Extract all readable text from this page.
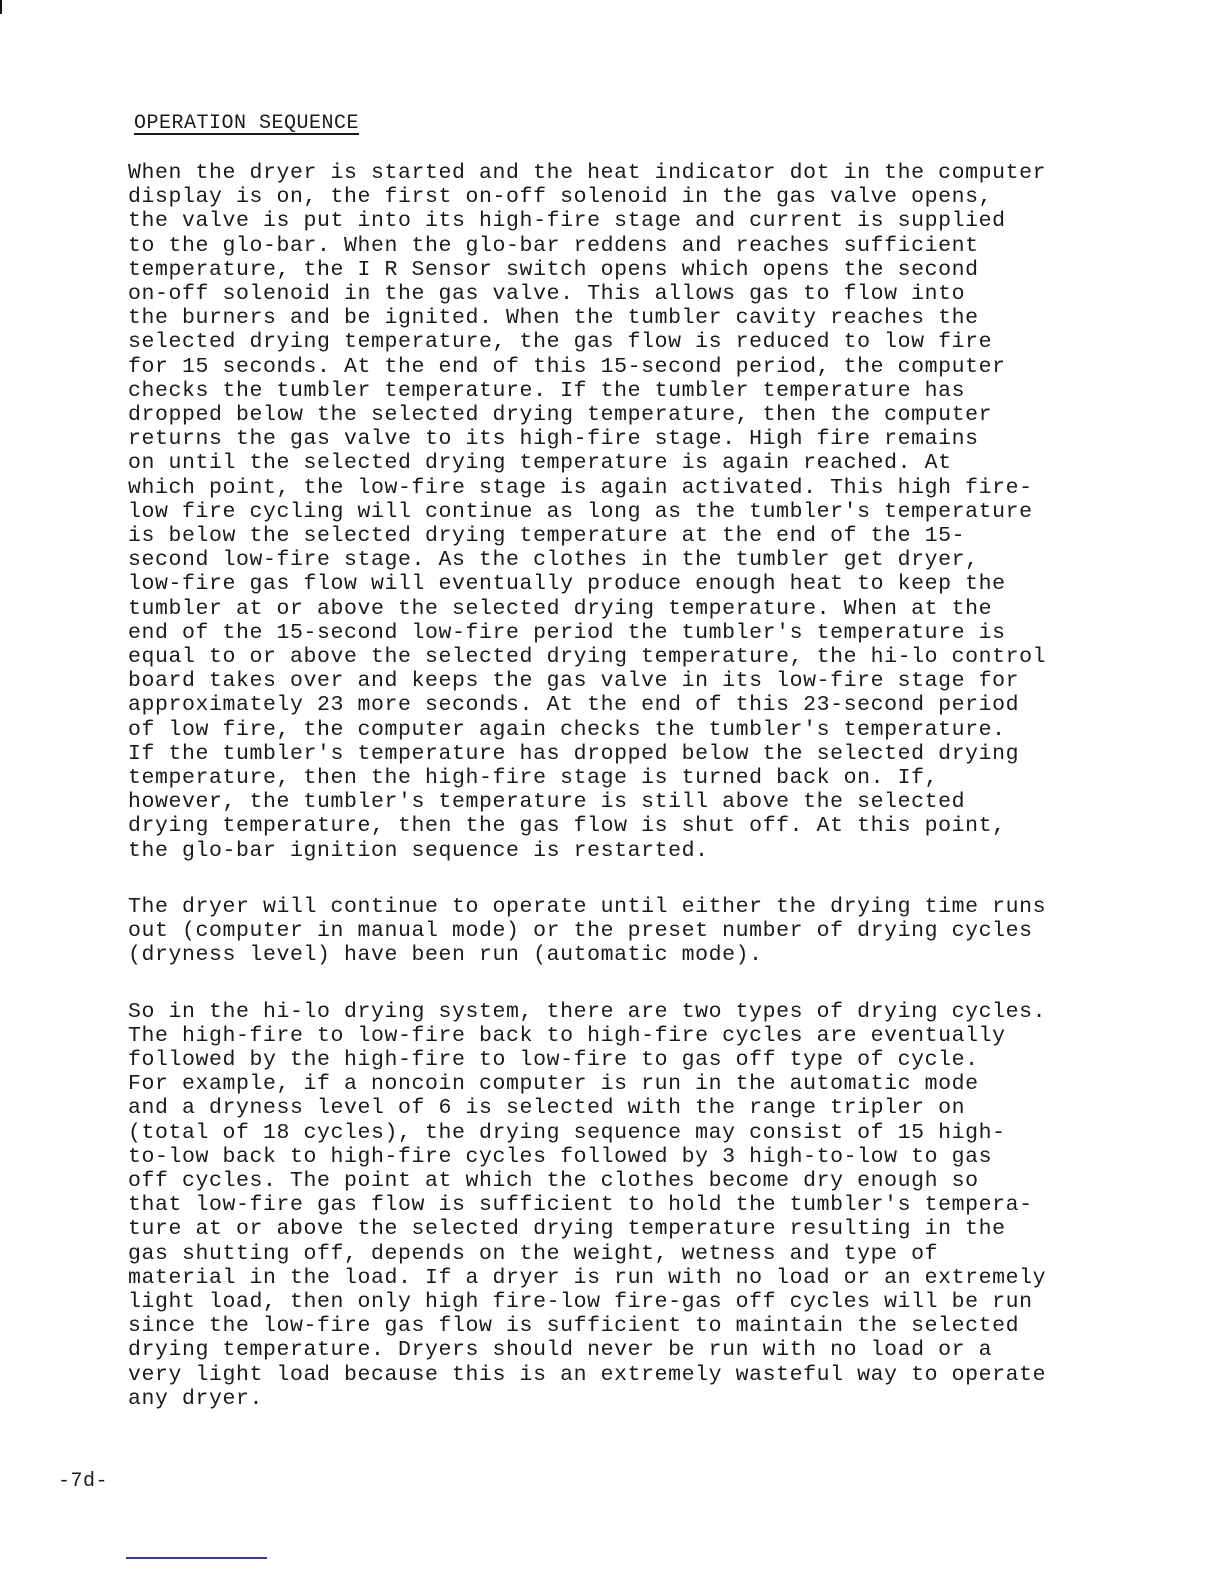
OPERATION SEQUENCE
When the dryer is started and the heat indicator dot in the computer
display is on, the first on-off solenoid in the gas valve opens,
the valve is put into its high-fire stage and current is supplied
to the glo-bar. When the glo-bar reddens and reaches sufficient
temperature, the I R Sensor switch opens which opens the second
on-off solenoid in the gas valve. This allows gas to flow into
the burners and be ignited. When the tumbler cavity reaches the
selected drying temperature, the gas flow is reduced to low fire
for 15 seconds. At the end of this 15-second period, the computer
checks the tumbler temperature. If the tumbler temperature has
dropped below the selected drying temperature, then the computer
returns the gas valve to its high-fire stage. High fire remains
on until the selected drying temperature is again reached. At
which point, the low-fire stage is again activated. This high fire-
low fire cycling will continue as long as the tumbler's temperature
is below the selected drying temperature at the end of the 15-
second low-fire stage. As the clothes in the tumbler get dryer,
low-fire gas flow will eventually produce enough heat to keep the
tumbler at or above the selected drying temperature. When at the
end of the 15-second low-fire period the tumbler's temperature is
equal to or above the selected drying temperature, the hi-lo control
board takes over and keeps the gas valve in its low-fire stage for
approximately 23 more seconds. At the end of this 23-second period
of low fire, the computer again checks the tumbler's temperature.
If the tumbler's temperature has dropped below the selected drying
temperature, then the high-fire stage is turned back on. If,
however, the tumbler's temperature is still above the selected
drying temperature, then the gas flow is shut off. At this point,
the glo-bar ignition sequence is restarted.
The dryer will continue to operate until either the drying time runs
out (computer in manual mode) or the preset number of drying cycles
(dryness level) have been run (automatic mode).
So in the hi-lo drying system, there are two types of drying cycles.
The high-fire to low-fire back to high-fire cycles are eventually
followed by the high-fire to low-fire to gas off type of cycle.
For example, if a noncoin computer is run in the automatic mode
and a dryness level of 6 is selected with the range tripler on
(total of 18 cycles), the drying sequence may consist of 15 high-
to-low back to high-fire cycles followed by 3 high-to-low to gas
off cycles. The point at which the clothes become dry enough so
that low-fire gas flow is sufficient to hold the tumbler's tempera-
ture at or above the selected drying temperature resulting in the
gas shutting off, depends on the weight, wetness and type of
material in the load. If a dryer is run with no load or an extremely
light load, then only high fire-low fire-gas off cycles will be run
since the low-fire gas flow is sufficient to maintain the selected
drying temperature. Dryers should never be run with no load or a
very light load because this is an extremely wasteful way to operate
any dryer.
-7d-
